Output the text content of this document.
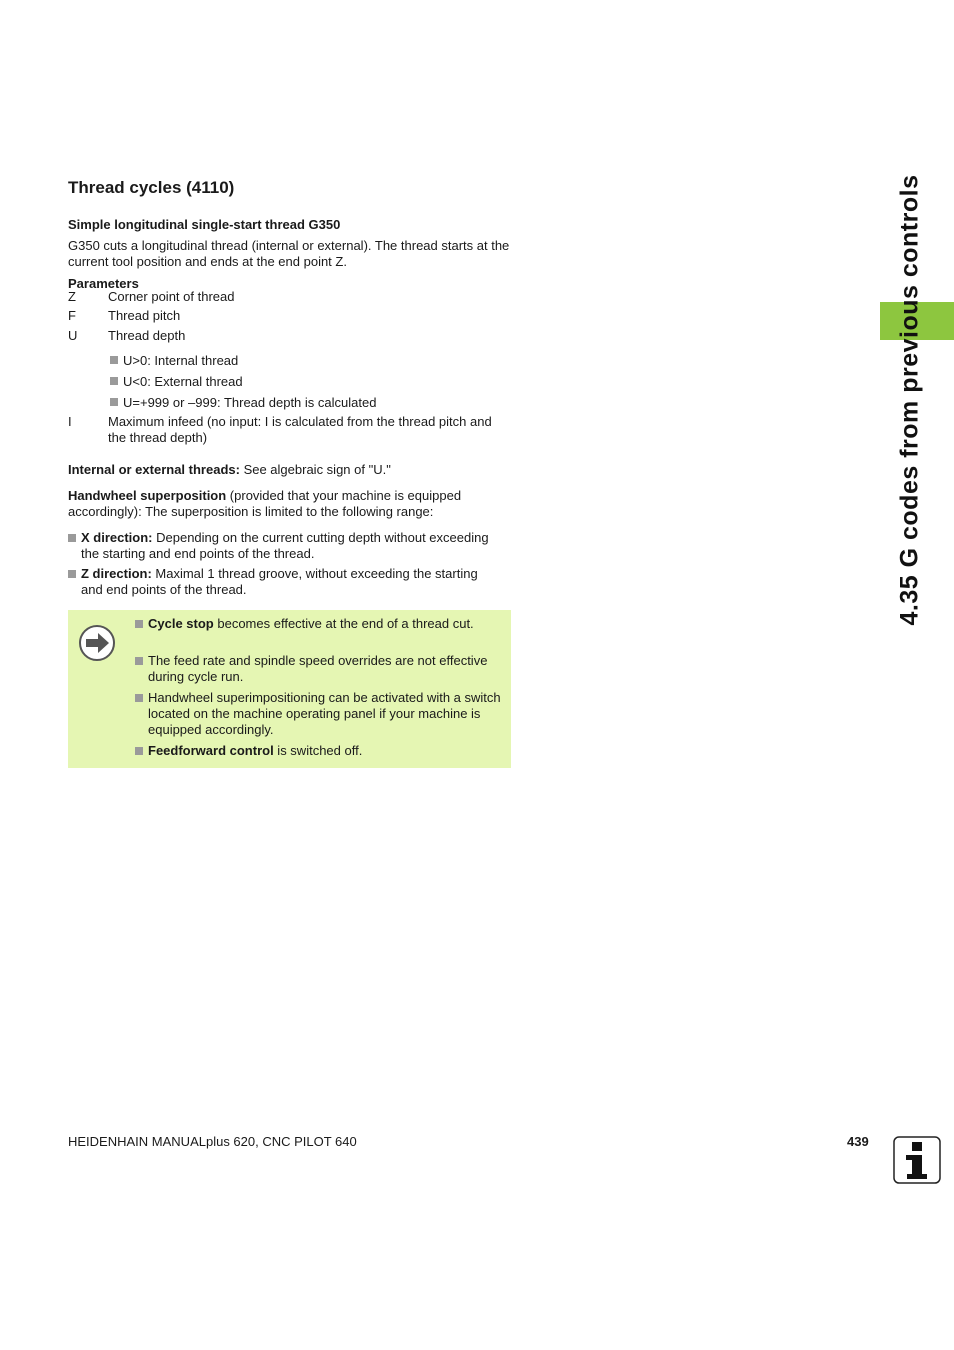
Thread cycles (4110)
Simple longitudinal single-start thread G350
G350 cuts a longitudinal thread (internal or external). The thread starts at the current tool position and ends at the end point Z.
Parameters
Z	Corner point of thread
F	Thread pitch
U	Thread depth
U>0: Internal thread
U<0: External thread
U=+999 or –999: Thread depth is calculated
I	Maximum infeed (no input: I is calculated from the thread pitch and the thread depth)
Internal or external threads: See algebraic sign of "U."
Handwheel superposition (provided that your machine is equipped accordingly): The superposition is limited to the following range:
X direction: Depending on the current cutting depth without exceeding the starting and end points of the thread.
Z direction: Maximal 1 thread groove, without exceeding the starting and end points of the thread.
Cycle stop becomes effective at the end of a thread cut.
The feed rate and spindle speed overrides are not effective during cycle run.
Handwheel superimpositioning can be activated with a switch located on the machine operating panel if your machine is equipped accordingly.
Feedforward control is switched off.
4.35 G codes from previous controls
HEIDENHAIN MANUALplus 620, CNC PILOT 640	439
